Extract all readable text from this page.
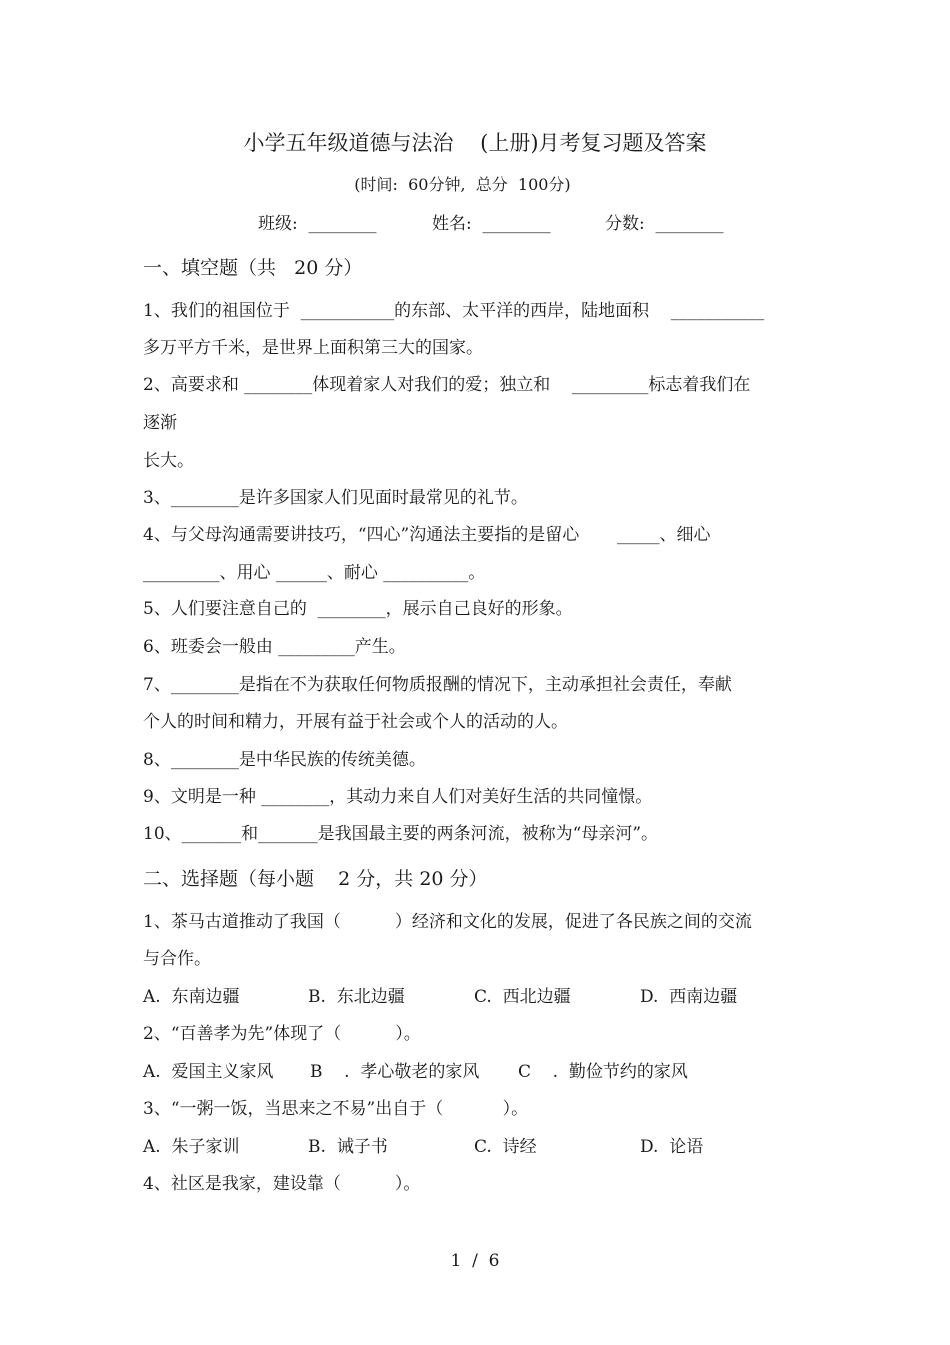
小学五年级道德与法治    (上册)月考复习题及答案
(时间:  60分钟,  总分  100分)
班级:  ________	姓名:  ________	分数:  ________
一、填空题（共   20 分）
1、我们的祖国位于  ___________的东部、太平洋的西岸，陆地面积    ___________
多万平方千米，是世界上面积第三大的国家。
2、高要求和 ________体现着家人对我们的爱；独立和    _________标志着我们在
逐渐
长大。
3、________是许多国家人们见面时最常见的礼节。
4、与父母沟通需要讲技巧，“四心”沟通法主要指的是留心       _____、细心
_________、用心 ______、耐心 __________。
5、人们要注意自己的  ________，展示自己良好的形象。
6、班委会一般由 _________产生。
7、________是指在不为获取任何物质报酬的情况下，主动承担社会责任，奉献
个人的时间和精力，开展有益于社会或个人的活动的人。
8、________是中华民族的传统美德。
9、文明是一种 ________，其动力来自人们对美好生活的共同憧憬。
10、_______和_______是我国最主要的两条河流，被称为“母亲河”。
二、选择题（每小题    2 分，共 20 分）
1、茶马古道推动了我国（          ）经济和文化的发展，促进了各民族之间的交流
与合作。
A.  东南边疆	B.  东北边疆	C.  西北边疆	D.  西南边疆
2、“百善孝为先”体现了（          ）。
A.  爱国主义家风 B    .  孝心敬老的家风 C    .  勤俭节约的家风
3、“一粥一饭，当思来之不易”出自于（           ）。
A.  朱子家训	B.  诫子书	C.  诗经	D.  论语
4、社区是我家，建设靠（          ）。
1  /  6
